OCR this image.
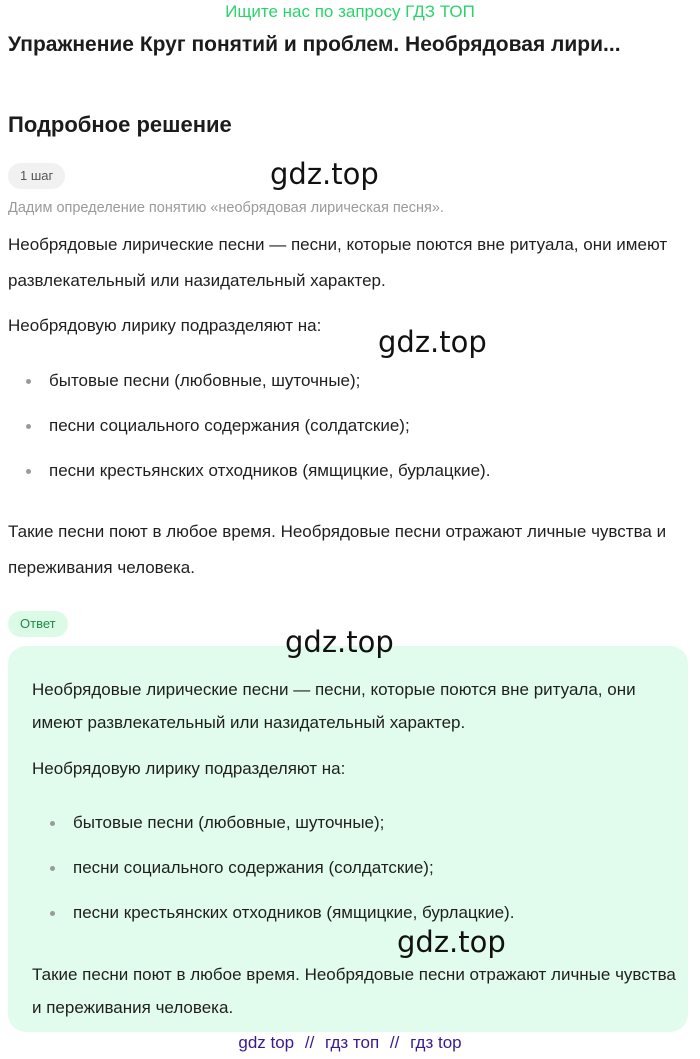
Ищите нас по запросу ГДЗ ТОП
Упражнение Круг понятий и проблем. Необрядовая лири...
Подробное решение
1 шаг	gdz.top
Дадим определение понятию «необрядовая лирическая песня».
Необрядовые лирические песни — песни, которые поются вне ритуала, они имеют развлекательный или назидательный характер.
Необрядовую лирику подразделяют на:	gdz.top
бытовые песни (любовные, шуточные);
песни социального содержания (солдатские);
песни крестьянских отходников (ямщицкие, бурлацкие).
Такие песни поют в любое время. Необрядовые песни отражают личные чувства и переживания человека.
Ответ
gdz.top
Необрядовые лирические песни — песни, которые поются вне ритуала, они имеют развлекательный или назидательный характер.
Необрядовую лирику подразделяют на:
бытовые песни (любовные, шуточные);
песни социального содержания (солдатские);
песни крестьянских отходников (ямщицкие, бурлацкие).
gdz.top
Такие песни поют в любое время. Необрядовые песни отражают личные чувства и переживания человека.
gdz top // гдз топ // гдз top
